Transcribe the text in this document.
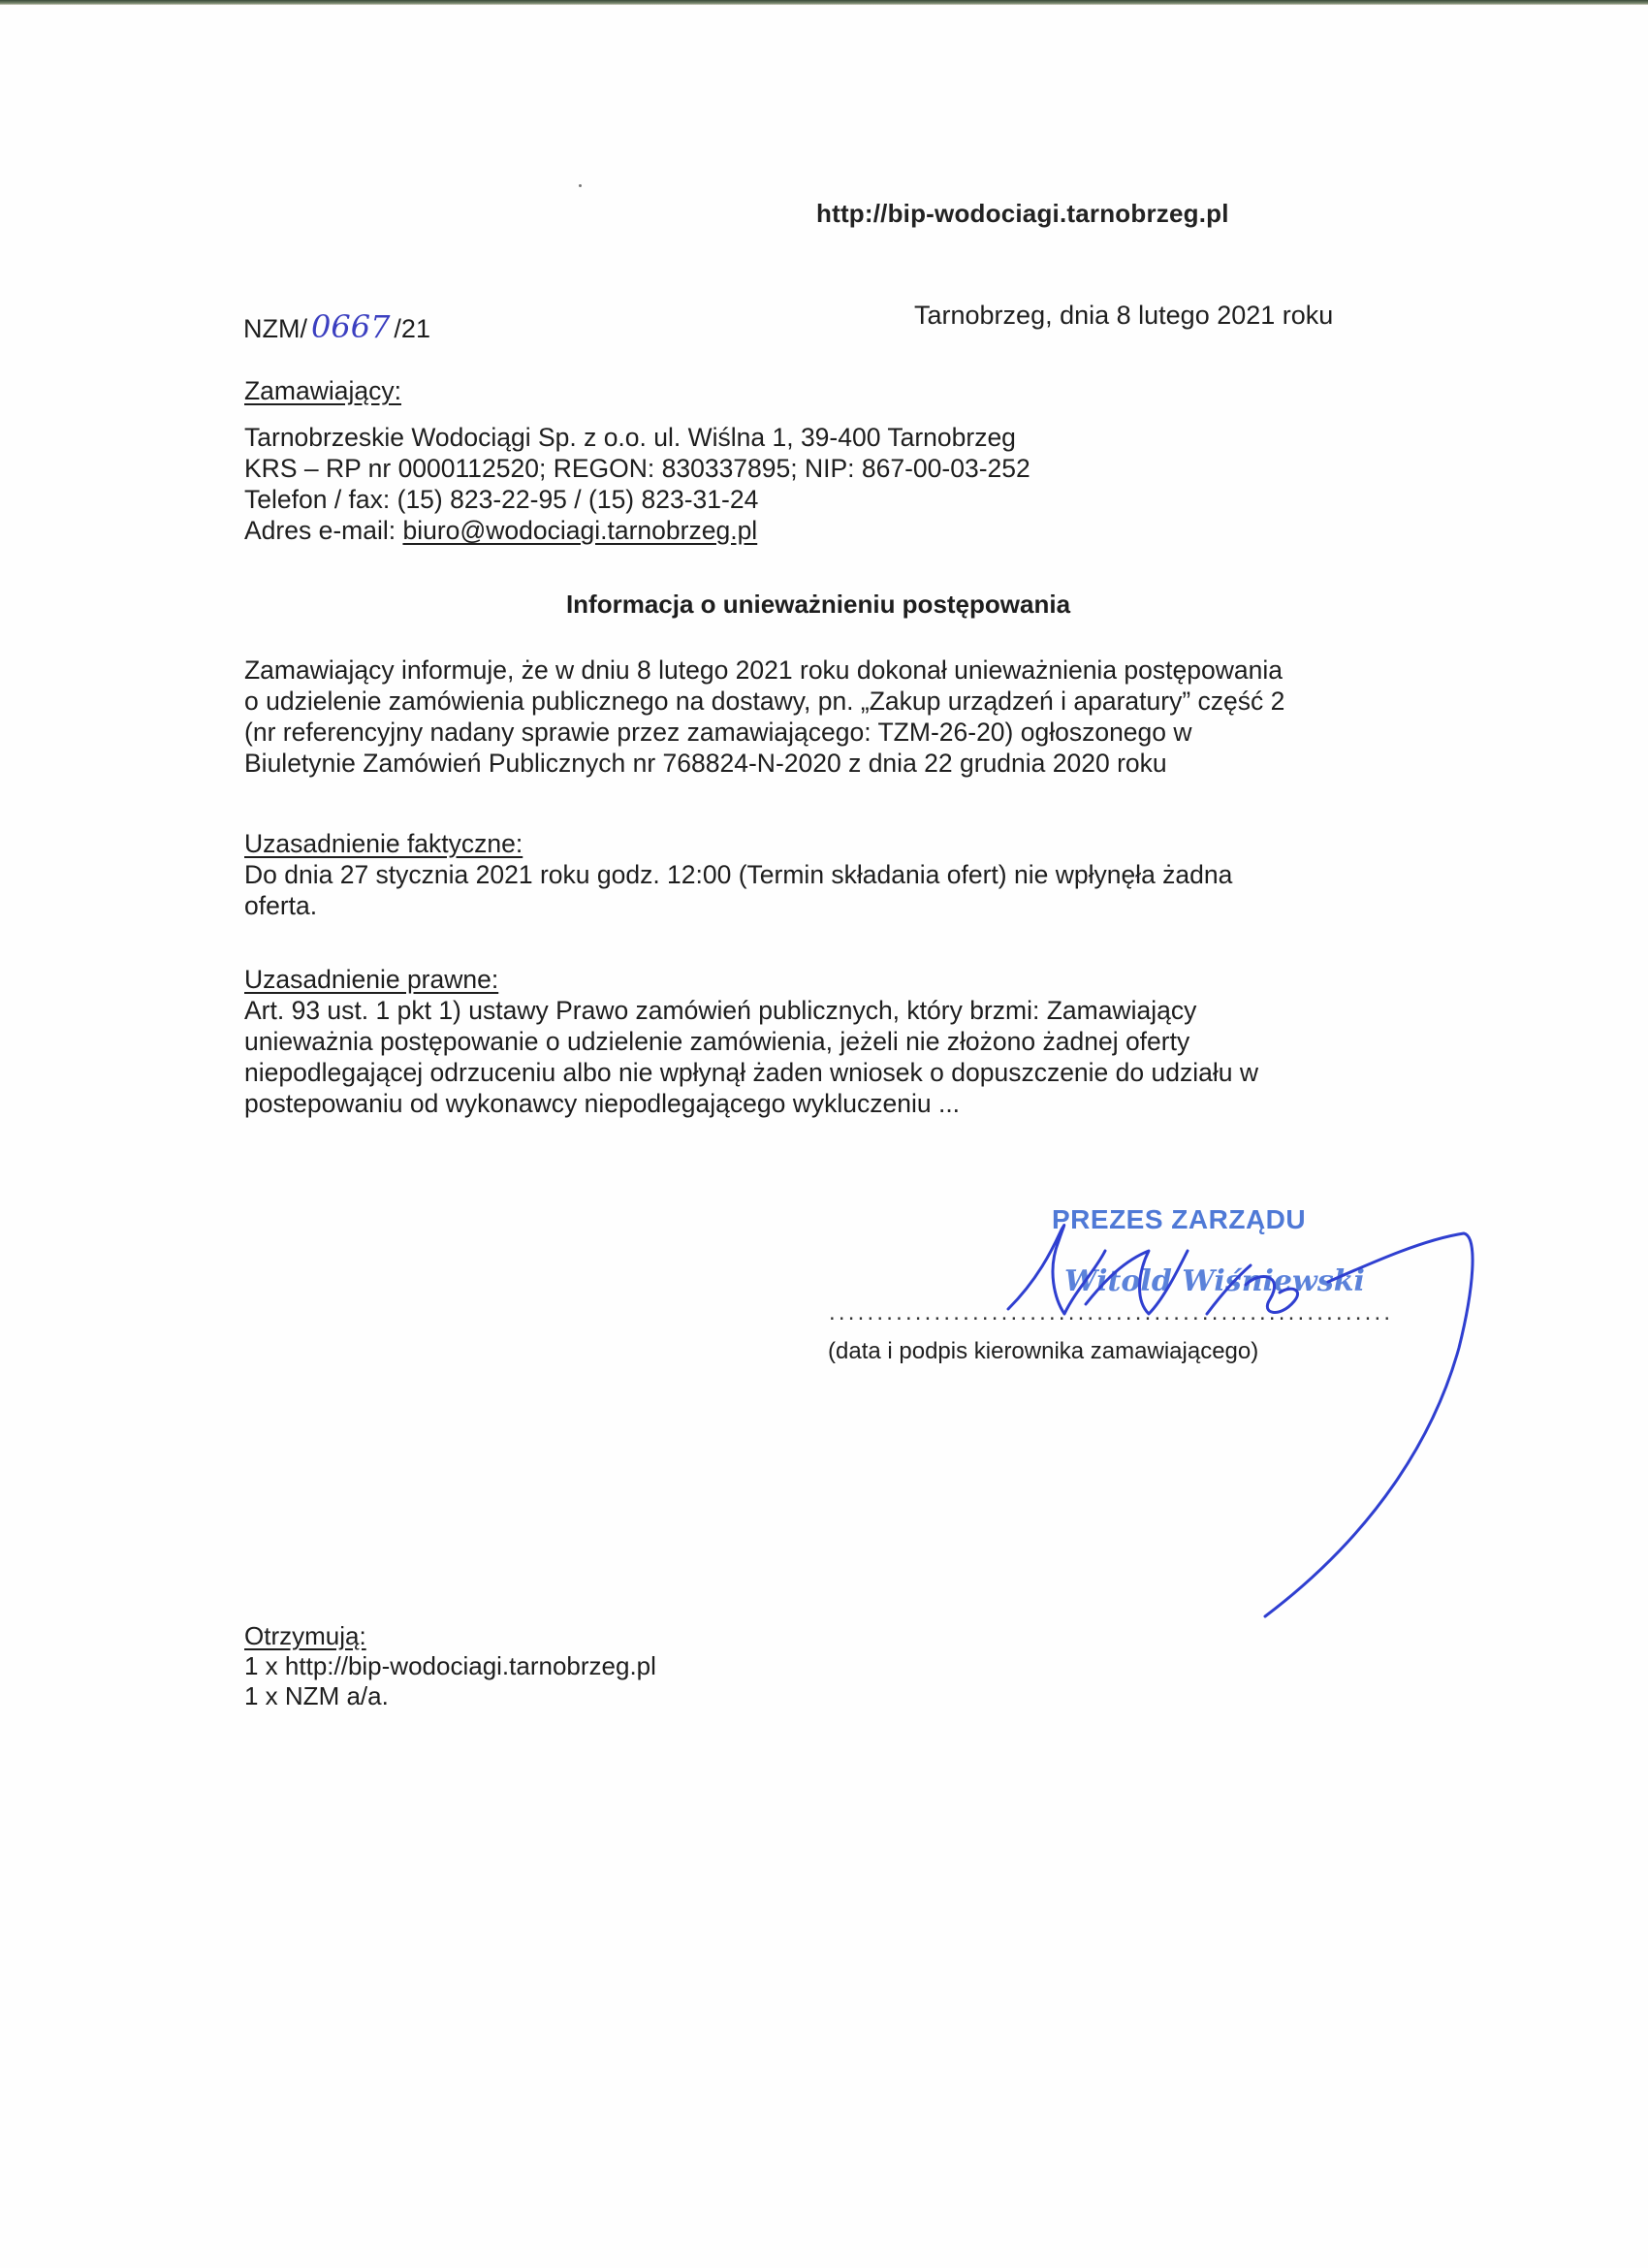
http://bip-wodociagi.tarnobrzeg.pl
NZM/ 0667 /21	Tarnobrzeg, dnia 8 lutego 2021 roku
Zamawiający:
Tarnobrzeskie Wodociągi Sp. z o.o. ul. Wiślna 1, 39-400 Tarnobrzeg
KRS – RP nr 0000112520; REGON: 830337895; NIP: 867-00-03-252
Telefon / fax: (15) 823-22-95 / (15) 823-31-24
Adres e-mail: biuro@wodociagi.tarnobrzeg.pl
Informacja o unieważnieniu postępowania
Zamawiający informuje, że w dniu 8 lutego 2021 roku dokonał unieważnienia postępowania
o udzielenie zamówienia publicznego na dostawy, pn. „Zakup urządzeń i aparatury” część 2
(nr referencyjny nadany sprawie przez zamawiającego: TZM-26-20) ogłoszonego w
Biuletynie Zamówień Publicznych nr 768824-N-2020 z dnia 22 grudnia 2020 roku
Uzasadnienie faktyczne:
Do dnia 27 stycznia 2021 roku godz. 12:00 (Termin składania ofert) nie wpłynęła żadna
oferta.
Uzasadnienie prawne:
Art. 93 ust. 1 pkt 1) ustawy Prawo zamówień publicznych, który brzmi: Zamawiający
unieważnia postępowanie o udzielenie zamówienia, jeżeli nie złożono żadnej oferty
niepodlegającej odrzuceniu albo nie wpłynął żaden wniosek o dopuszczenie do udziału w
postepowaniu od wykonawcy niepodlegającego wykluczeniu ...
PREZES ZARZĄDU
Witold Wiśniewski
...........................................................
(data i podpis kierownika zamawiającego)
Otrzymują:
1 x http://bip-wodociagi.tarnobrzeg.pl
1 x NZM a/a.
